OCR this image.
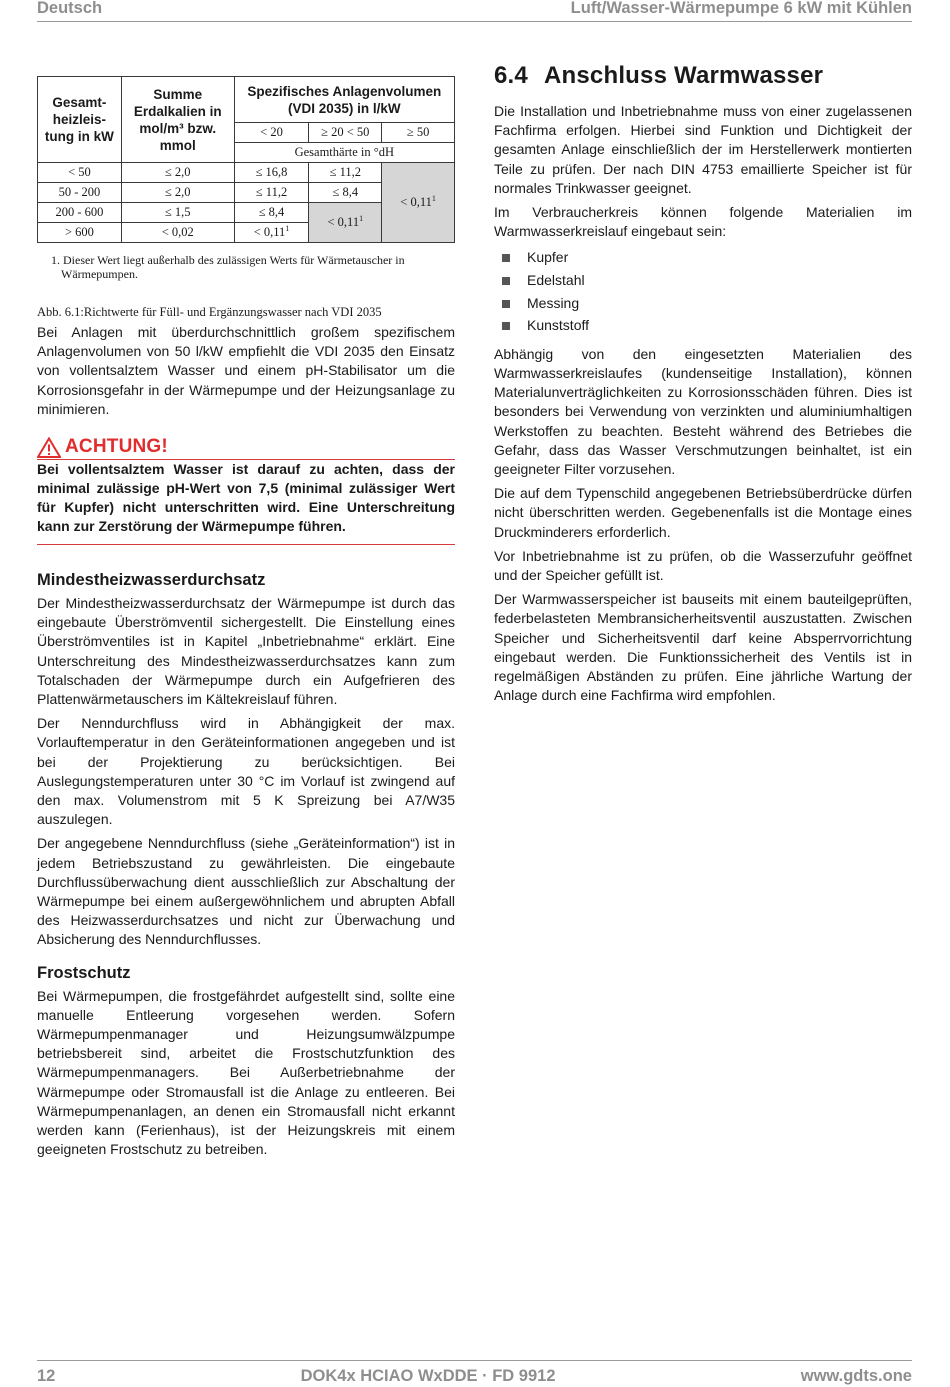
Deutsch	Luft/Wasser-Wärmepumpe 6 kW mit Kühlen
Gesamt-heizleis-tung in kW	Summe Erdalkalien in mol/m³ bzw. mmol	Spezifisches Anlagenvolumen (VDI 2035) in l/kW		
		< 20	≥ 20 < 50	≥ 50
		Gesamthärte in °dH		
< 50	≤ 2,0	≤ 16,8	≤ 11,2	< $0,11^1$
50 - 200	≤ 2,0	≤ 11,2	≤ 8,4	
200 - 600	≤ 1,5	≤ 8,4	< $0,11^1$
> 600	< 0,02	< $0,11^1$

1. Dieser Wert liegt außerhalb des zulässigen Werts für Wärmetauscher in Wärmepumpen.

Abb. 6.1:Richtwerte für Füll- und Ergänzungswasser nach VDI 2035

Bei Anlagen mit überdurchschnittlich großem spezifischem Anlagenvolumen von 50 l/kW empfiehlt die VDI 2035 den Einsatz von vollentsalztem Wasser und einem pH-Stabilisator um die Korrosionsgefahr in der Wärmepumpe und der Heizungsanlage zu minimieren.

ACHTUNG!

Bei vollentsalztem Wasser ist darauf zu achten, dass der minimal zulässige pH-Wert von 7,5 (minimal zulässiger Wert für Kupfer) nicht unterschritten wird. Eine Unterschreitung kann zur Zerstörung der Wärmepumpe führen.

Mindestheizwasserdurchsatz

Der Mindestheizwasserdurchsatz der Wärmepumpe ist durch das eingebaute Überströmventil sichergestellt. Die Einstellung eines Überströmventiles ist in Kapitel „Inbetriebnahme“ erklärt. Eine Unterschreitung des Mindestheizwasserdurchsatzes kann zum Totalschaden der Wärmepumpe durch ein Aufgefrieren des Plattenwärmetauschers im Kältekreislauf führen.

Der Nenndurchfluss wird in Abhängigkeit der max. Vorlauftemperatur in den Geräteinformationen angegeben und ist bei der Projektierung zu berücksichtigen. Bei Auslegungstemperaturen unter 30 °C im Vorlauf ist zwingend auf den max. Volumenstrom mit 5 K Spreizung bei A7/W35 auszulegen.

Der angegebene Nenndurchfluss (siehe „Geräteinformation“) ist in jedem Betriebszustand zu gewährleisten. Die eingebaute Durchflussüberwachung dient ausschließlich zur Abschaltung der Wärmepumpe bei einem außergewöhnlichem und abrupten Abfall des Heizwasserdurchsatzes und nicht zur Überwachung und Absicherung des Nenndurchflusses.

Frostschutz

Bei Wärmepumpen, die frostgefährdet aufgestellt sind, sollte eine manuelle Entleerung vorgesehen werden. Sofern Wärmepumpenmanager und Heizungsumwälzpumpe betriebsbereit sind, arbeitet die Frostschutzfunktion des Wärmepumpenmanagers. Bei Außerbetriebnahme der Wärmepumpe oder Stromausfall ist die Anlage zu entleeren. Bei Wärmepumpenanlagen, an denen ein Stromausfall nicht erkannt werden kann (Ferienhaus), ist der Heizungskreis mit einem geeigneten Frostschutz zu betreiben.

6.4 Anschluss Warmwasser

Die Installation und Inbetriebnahme muss von einer zugelassenen Fachfirma erfolgen. Hierbei sind Funktion und Dichtigkeit der gesamten Anlage einschließlich der im Herstellerwerk montierten Teile zu prüfen. Der nach DIN 4753 emaillierte Speicher ist für normales Trinkwasser geeignet.

Im Verbraucherkreis können folgende Materialien im Warmwasserkreislauf eingebaut sein:

Kupfer
Edelstahl
Messing
Kunststoff

Abhängig von den eingesetzten Materialien des Warmwasserkreislaufes (kundenseitige Installation), können Materialunverträglichkeiten zu Korrosionsschäden führen. Dies ist besonders bei Verwendung von verzinkten und aluminiumhaltigen Werkstoffen zu beachten. Besteht während des Betriebes die Gefahr, dass das Wasser Verschmutzungen beinhaltet, ist ein geeigneter Filter vorzusehen.

Die auf dem Typenschild angegebenen Betriebsüberdrücke dürfen nicht überschritten werden. Gegebenenfalls ist die Montage eines Druckminderers erforderlich.

Vor Inbetriebnahme ist zu prüfen, ob die Wasserzufuhr geöffnet und der Speicher gefüllt ist.

Der Warmwasserspeicher ist bauseits mit einem bauteilgeprüften, federbelasteten Membransicherheitsventil auszustatten. Zwischen Speicher und Sicherheitsventil darf keine Absperrvorrichtung eingebaut werden. Die Funktionssicherheit des Ventils ist in regelmäßigen Abständen zu prüfen. Eine jährliche Wartung der Anlage durch eine Fachfirma wird empfohlen.

12	DOK4x HCIAO WxDDE · FD 9912	www.gdts.one
